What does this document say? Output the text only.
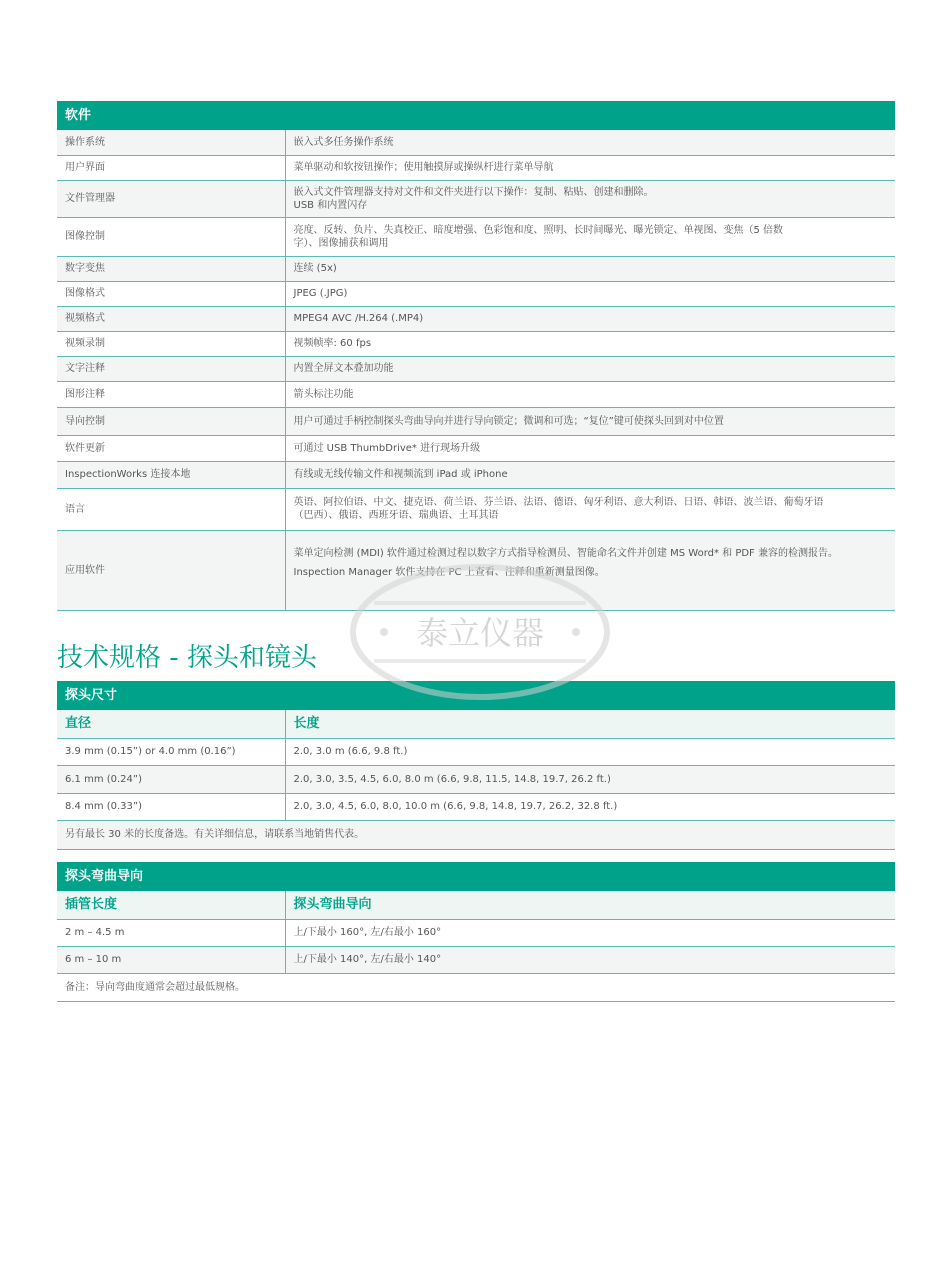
软件	
操作系统	嵌入式多任务操作系统
用户界面	菜单驱动和软按钮操作；使用触摸屏或操纵杆进行菜单导航
文件管理器	嵌入式文件管理器支持对文件和文件夹进行以下操作：复制、粘贴、创建和删除。
USB 和内置闪存

图像控制	亮度、反转、负片、失真校正、暗度增强、色彩饱和度、照明、长时间曝光、曝光锁定、单视图、变焦（5 倍数
字）、图像捕获和调用

数字变焦	连续 (5x)
图像格式	JPEG (.JPG)
视频格式	MPEG4 AVC /H.264 (.MP4)
视频录制	视频帧率: 60 fps
文字注释	内置全屏文本叠加功能
图形注释	箭头标注功能
导向控制	用户可通过手柄控制探头弯曲导向并进行导向锁定；微调和可选；“复位”键可使探头回到对中位置
软件更新	可通过 USB ThumbDrive* 进行现场升级
InspectionWorks 连接本地	有线或无线传输文件和视频流到 iPad 或 iPhone
语言	英语、阿拉伯语、中文、捷克语、荷兰语、芬兰语、法语、德语、匈牙利语、意大利语、日语、韩语、波兰语、葡萄牙语
（巴西）、俄语、西班牙语、瑞典语、土耳其语

应用软件	菜单定向检测 (MDI) 软件通过检测过程以数字方式指导检测员、智能命名文件并创建 MS Word* 和 PDF 兼容的检测报告。
Inspection Manager 软件支持在 PC 上查看、注释和重新测量图像。
技术规格 - 探头和镜头
探头尺寸	
直径	长度
3.9 mm (0.15”) or 4.0 mm (0.16”)	2.0, 3.0 m (6.6, 9.8 ft.)
6.1 mm (0.24”)	2.0, 3.0, 3.5, 4.5, 6.0, 8.0 m (6.6, 9.8, 11.5, 14.8, 19.7, 26.2 ft.)
8.4 mm (0.33”)	2.0, 3.0, 4.5, 6.0, 8.0, 10.0 m (6.6, 9.8, 14.8, 19.7, 26.2, 32.8 ft.)
另有最长 30 米的长度备选。有关详细信息，请联系当地销售代表。	
探头弯曲导向	
插管长度	探头弯曲导向
2 m – 4.5 m	上/下最小 160°, 左/右最小 160°
6 m – 10 m	上/下最小 140°, 左/右最小 140°
备注：导向弯曲度通常会超过最低规格。	
泰立仪器
